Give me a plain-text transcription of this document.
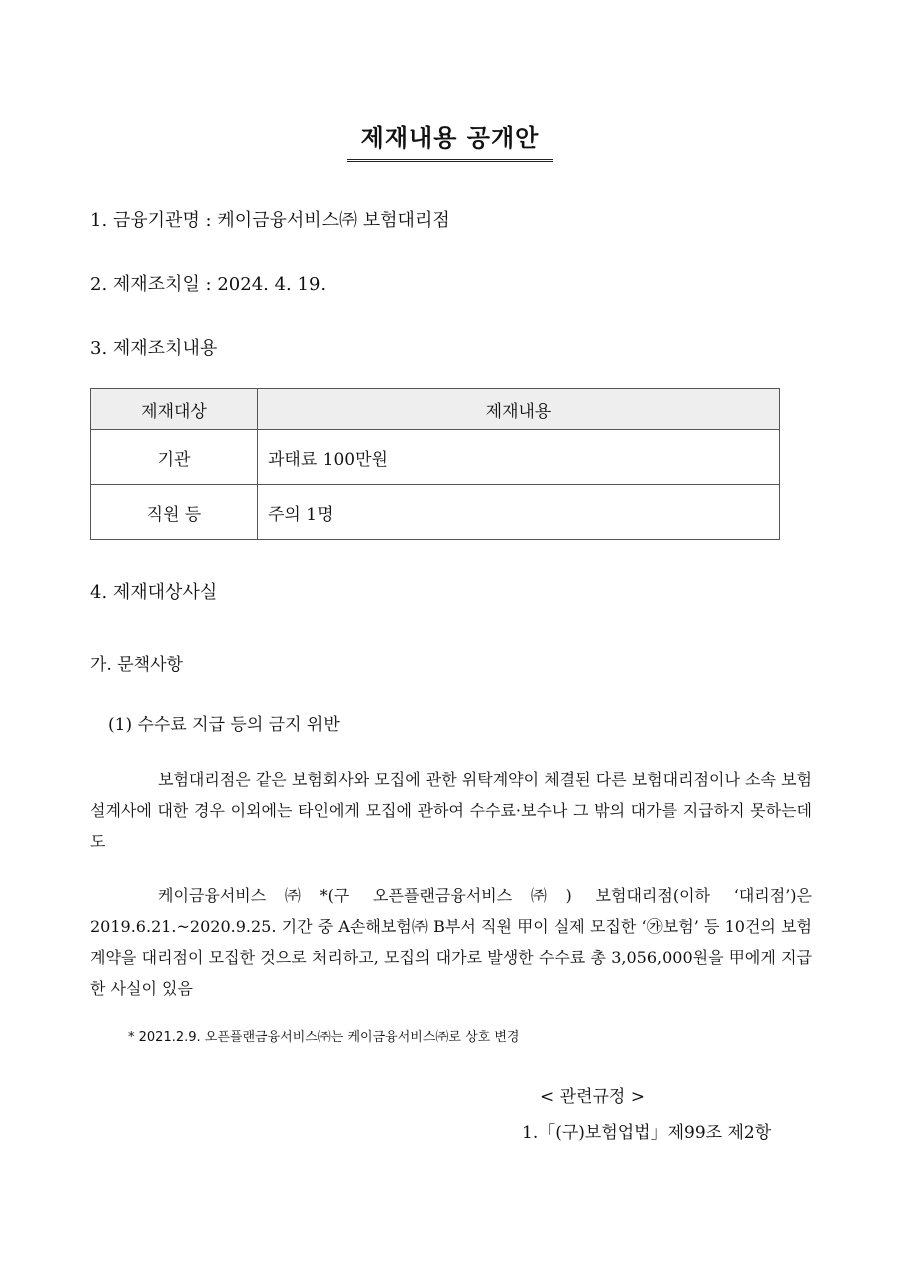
제재내용 공개안
1. 금융기관명 : 케이금융서비스㈜ 보험대리점
2. 제재조치일 : 2024. 4. 19.
3. 제재조치내용
제재대상	제재내용
기관	과태료 100만원
직원 등	주의 1명
4. 제재대상사실
가. 문책사항
(1) 수수료 지급 등의 금지 위반
보험대리점은 같은 보험회사와 모집에 관한 위탁계약이 체결된 다른 보험대리점이나 소속 보험설계사에 대한 경우 이외에는 타인에게 모집에 관하여 수수료·보수나 그 밖의 대가를 지급하지 못하는데도
케이금융서비스㈜*(구 오픈플랜금융서비스㈜) 보험대리점(이하 ‘대리점’)은 2019.6.21.~2020.9.25. 기간 중 A손해보험㈜ B부서 직원 甲이 실제 모집한 ‘㉮보험’ 등 10건의 보험계약을 대리점이 모집한 것으로 처리하고, 모집의 대가로 발생한 수수료 총 3,056,000원을 甲에게 지급한 사실이 있음
* 2021.2.9. 오픈플랜금융서비스㈜는 케이금융서비스㈜로 상호 변경
< 관련규정 >
1.「(구)보험업법」제99조 제2항
